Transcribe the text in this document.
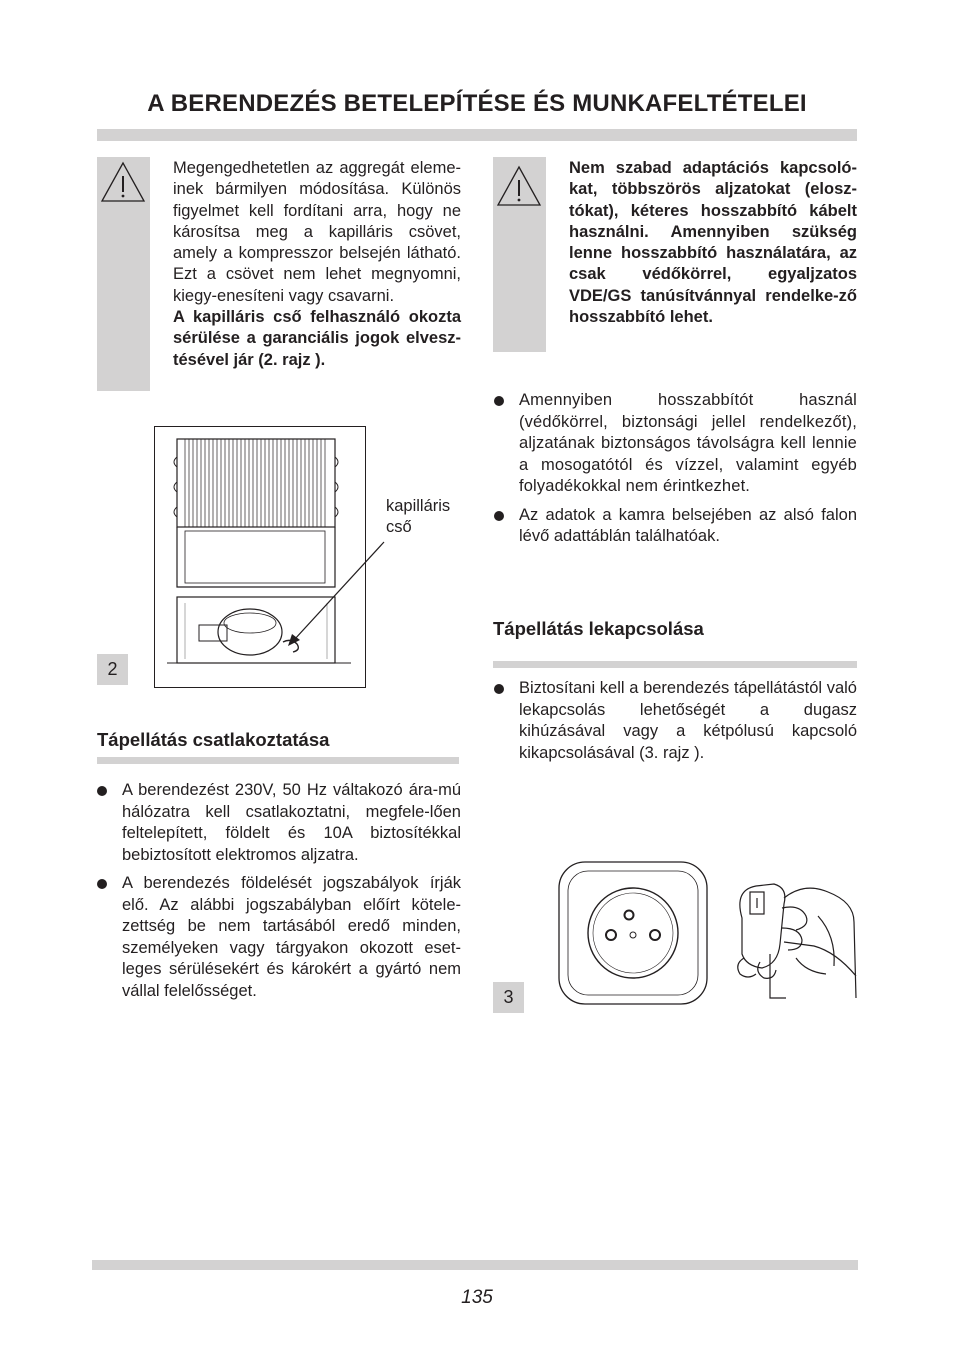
A BERENDEZÉS BETELEPÍTÉSE ÉS MUNKAFELTÉTELEI
Megengedhetetlen az aggregát eleme-inek bármilyen módosítása. Különös figyelmet kell fordítani arra, hogy ne károsítsa meg a kapilláris csövet, amely a kompresszor belsején látható. Ezt a csövet nem lehet megnyomni, kiegy-enesíteni vagy csavarni.
A kapilláris cső felhasználó okozta sérülése a garanciális jogok elvesz-tésével jár (2. rajz ).
Nem szabad adaptációs kapcsoló-kat, többszörös aljzatokat (elosz-tókat), kéteres hosszabbító kábelt használni. Amennyiben szükség lenne hosszabbító használatára, az csak védőkörrel, egyaljzatos VDE/GS tanúsítvánnyal rendelke-ző hosszabbító lehet.
kapilláris
cső
2
Tápellátás csatlakoztatása
A berendezést 230V, 50 Hz váltakozó ára-mú hálózatra kell csatlakoztatni, megfele-lően feltelepített, földelt és 10A biztosítékkal bebiztosított elektromos aljzatra.
A berendezés földelését jogszabályok írják elő. Az alábbi jogszabályban előírt kötele-zettség be nem tartásából eredő minden, személyeken vagy tárgyakon okozott eset-leges sérülésekért és károkért a gyártó nem vállal felelősséget.
Amennyiben hosszabbítót használ (védőkörrel, biztonsági jellel rendelkezőt), aljzatának biztonságos távolságra kell lennie a mosogatótól és vízzel, valamint egyéb folyadékokkal nem érintkezhet.
Az adatok a kamra belsejében az alsó falon lévő adattáblán találhatóak.
Tápellátás lekapcsolása
Biztosítani kell a berendezés tápellátástól való lekapcsolás lehetőségét a dugasz kihúzásával vagy a kétpólusú kapcsoló kikapcsolásával (3. rajz ).
3
135
